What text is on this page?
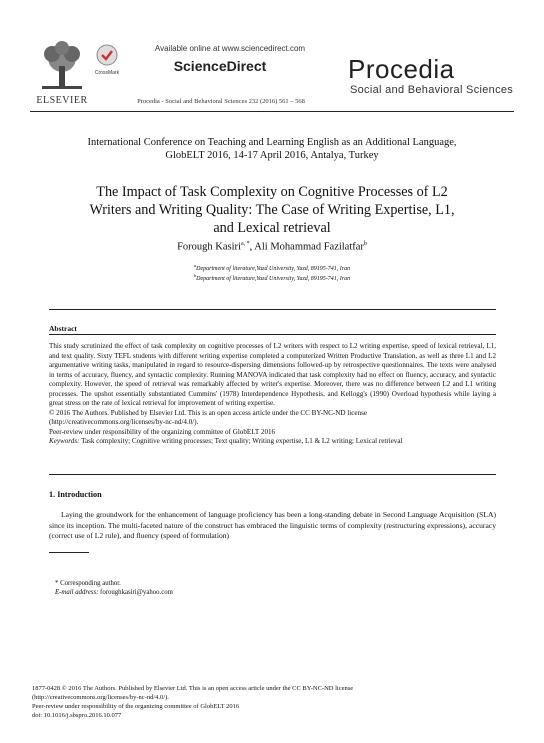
ELSEVIER
CrossMark
Available online at www.sciencedirect.com
ScienceDirect
Procedia - Social and Behavioral Sciences 232 (2016) 561 – 568
Procedia
Social and Behavioral Sciences
International Conference on Teaching and Learning English as an Additional Language,
GlobELT 2016, 14-17 April 2016, Antalya, Turkey
The Impact of Task Complexity on Cognitive Processes of L2
Writers and Writing Quality: The Case of Writing Expertise, L1,
and Lexical retrieval
Forough Kasiri$^{a, *}$, Ali Mohammad Fazilatfar$^b$
$^a$Department of literature,Yazd University, Yazd, 89195-741, Iran
$^b$Department of literature,Yazd University, Yazd, 89195-741, Iran
Abstract

This study scrutinized the effect of task complexity on cognitive processes of L2 writers with respect to L2 writing expertise, speed of lexical retrieval, L1, and text quality. Sixty TEFL students with different writing expertise completed a computerized Written Productive Translation, as well as three L1 and L2 argumentative writing tasks, manipulated in regard to resource-dispersing dimensions followed-up by retrospective questionnaires. The texts were analysed in terms of accuracy, fluency, and syntactic complexity. Running MANOVA indicated that task complexity had no effect on fluency, accuracy, and syntactic complexity. However, the speed of retrieval was remarkably affected by writer's expertise. Moreover, there was no difference between L2 and L1 writing processes. The upshot essentially substantiated Cummins' (1978) Interdependence Hypothesis, and Kellogg's (1990) Overload hypothesis while laying a great stress on the rate of lexical retrieval for improvement of writing expertise.

© 2016 The Authors. Published by Elsevier Ltd. This is an open access article under the CC BY-NC-ND license

(http://creativecommons.org/licenses/by-nc-nd/4.0/).

Peer-review under responsibility of the organizing committee of GlobELT 2016

Keywords: Task complexity; Cognitive writing processes; Text quality; Writing expertise, L1 & L2 writing; Lexical retrieval

1. Introduction
Laying the groundwork for the enhancement of language proficiency has been a long-standing debate in Second Language Acquisition (SLA) since its inception. The multi-faceted nature of the construct has embraced the linguistic terms of complexity (restructuring expressions), accuracy (correct use of L2 rule), and fluency (speed of formulation)
* Corresponding author.
E-mail address: foroughkasiri@yahoo.com
1877-0428 © 2016 The Authors. Published by Elsevier Ltd. This is an open access article under the CC BY-NC-ND license
(http://creativecommons.org/licenses/by-nc-nd/4.0/).
Peer-review under responsibility of the organizing committee of GlobELT 2016
doi: 10.1016/j.sbspro.2016.10.077
